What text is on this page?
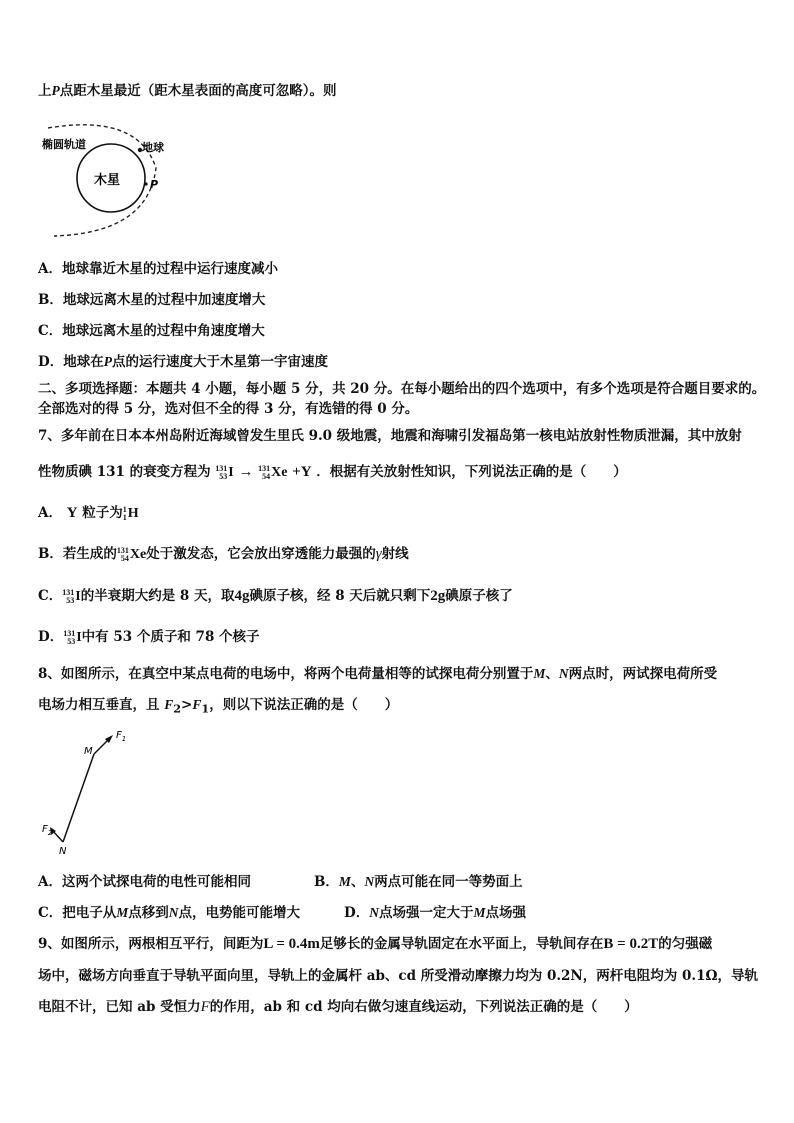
上P点距木星最近（距木星表面的高度可忽略）。则
木星
椭圆轨道	地球
P
A．地球靠近木星的过程中运行速度减小
B．地球远离木星的过程中加速度增大
C．地球远离木星的过程中角速度增大
D．地球在P点的运行速度大于木星第一宇宙速度
二、多项选择题：本题共 4 小题，每小题 5 分，共 20 分。在每小题给出的四个选项中，有多个选项是符合题目要求的。
全部选对的得 5 分，选对但不全的得 3 分，有选错的得 0 分。
7、多年前在日本本州岛附近海域曾发生里氏 9.0 级地震，地震和海啸引发福岛第一核电站放射性物质泄漏，其中放射
性物质碘 131 的衰变方程为 131
53 I → 131
54 Xe +Y ．根据有关放射性知识，下列说法正确的是（　　）
A． Y 粒子为 1
1 H
B．若生成的 131
54 Xe 处于激发态，它会放出穿透能力最强的γ射线
C． 131
53 I 的半衰期大约是 8 天，取4g碘原子核，经 8 天后就只剩下2g碘原子核了
D． 131
53 I 中有 53 个质子和 78 个核子
8、如图所示，在真空中某点电荷的电场中，将两个电荷量相等的试探电荷分别置于M、N两点时，两试探电荷所受
电场力相互垂直，且 $F_2>F_1$，则以下说法正确的是（　　）
$F_1$
M
$F_2$
N
A．这两个试探电荷的电性可能相同	B．M、N两点可能在同一等势面上
C．把电子从M点移到N点，电势能可能增大	D．N点场强一定大于M点场强
9、如图所示，两根相互平行，间距为L = 0.4m足够长的金属导轨固定在水平面上，导轨间存在B = 0.2T的匀强磁
场中，磁场方向垂直于导轨平面向里，导轨上的金属杆 ab、cd 所受滑动摩擦力均为 0.2N，两杆电阻均为 0.1Ω，导轨
电阻不计，已知 ab 受恒力F的作用，ab 和 cd 均向右做匀速直线运动，下列说法正确的是（　　）
